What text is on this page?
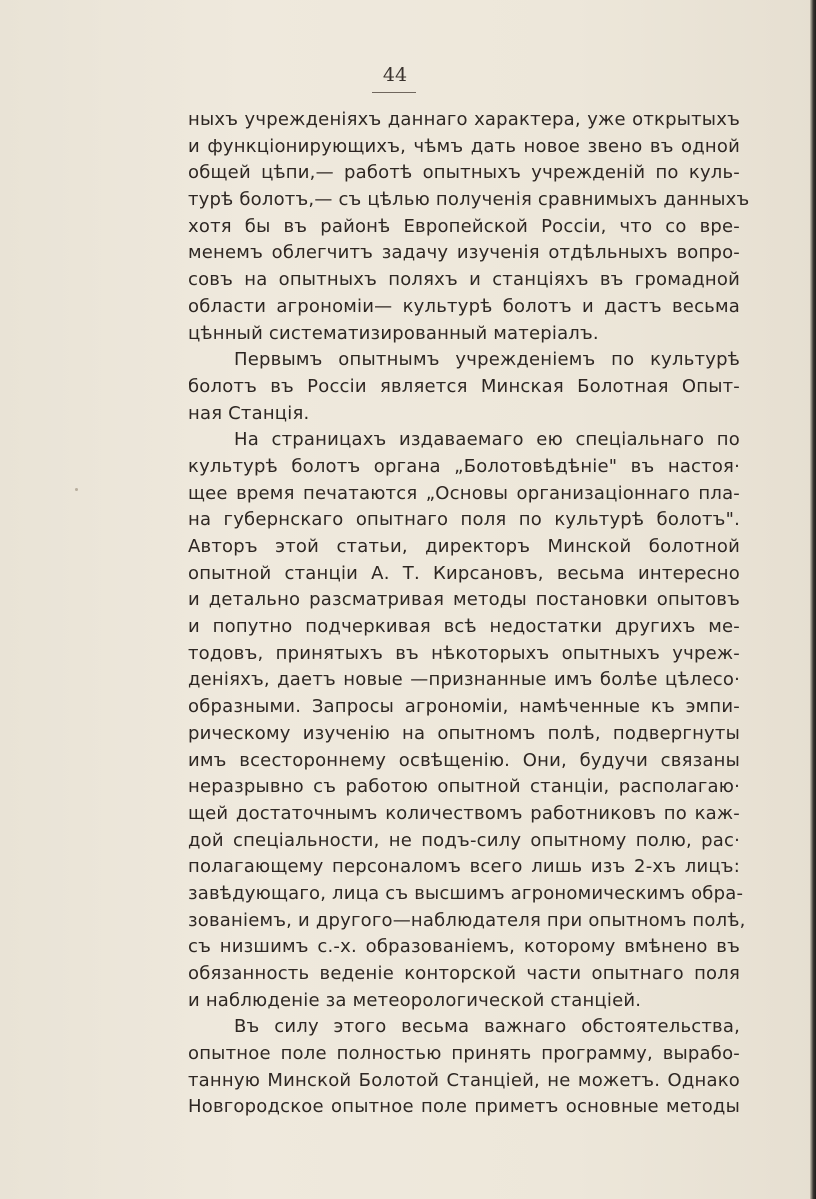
44

ныхъ учрежденіяхъ даннаго характера, уже открытыхъ
и функціонирующихъ, чѣмъ дать новое звено въ одной
общей цѣпи,— работѣ опытныхъ учрежденій по куль-
турѣ болотъ,— съ цѣлью полученія сравнимыхъ данныхъ
хотя бы въ районѣ Европейской Россіи, что со вре-
менемъ облегчитъ задачу изученія отдѣльныхъ вопро-
совъ на опытныхъ поляхъ и станціяхъ въ громадной
области агрономіи— культурѣ болотъ и дастъ весьма
цѣнный систематизированный матеріалъ.

Первымъ опытнымъ учрежденіемъ по культурѣ
болотъ въ Россіи является Минская Болотная Опыт-
ная Станція.

На страницахъ издаваемаго ею спеціальнаго по
культурѣ болотъ органа „Болотовѣдѣніе" въ настоя·
щее время печатаются „Основы организаціоннаго пла-
на губернскаго опытнаго поля по культурѣ болотъ".
Авторъ этой статьи, директоръ Минской болотной
опытной станціи А. Т. Кирсановъ, весьма интересно
и детально разсматривая методы постановки опытовъ
и попутно подчеркивая всѣ недостатки другихъ ме-
тодовъ, принятыхъ въ нѣкоторыхъ опытныхъ учреж-
деніяхъ, даетъ новые —признанные имъ болѣе цѣлесо·
образными. Запросы агрономіи, намѣченные къ эмпи-
рическому изученію на опытномъ полѣ, подвергнуты
имъ всестороннему освѣщенію. Они, будучи связаны
неразрывно съ работою опытной станціи, располагаю·
щей достаточнымъ количествомъ работниковъ по каж-
дой спеціальности, не подъ-силу опытному полю, рас·
полагающему персоналомъ всего лишь изъ 2-хъ лицъ:
завѣдующаго, лица съ высшимъ агрономическимъ обра-
зованіемъ, и другого—наблюдателя при опытномъ полѣ,
съ низшимъ с.-х. образованіемъ, которому вмѣнено въ
обязанность веденіе конторской части опытнаго поля
и наблюденіе за метеорологической станціей.

Въ силу этого весьма важнаго обстоятельства,
опытное поле полностью принять программу, вырабо-
танную Минской Болотой Станціей, не можетъ. Однако
Новгородское опытное поле приметъ основные методы
